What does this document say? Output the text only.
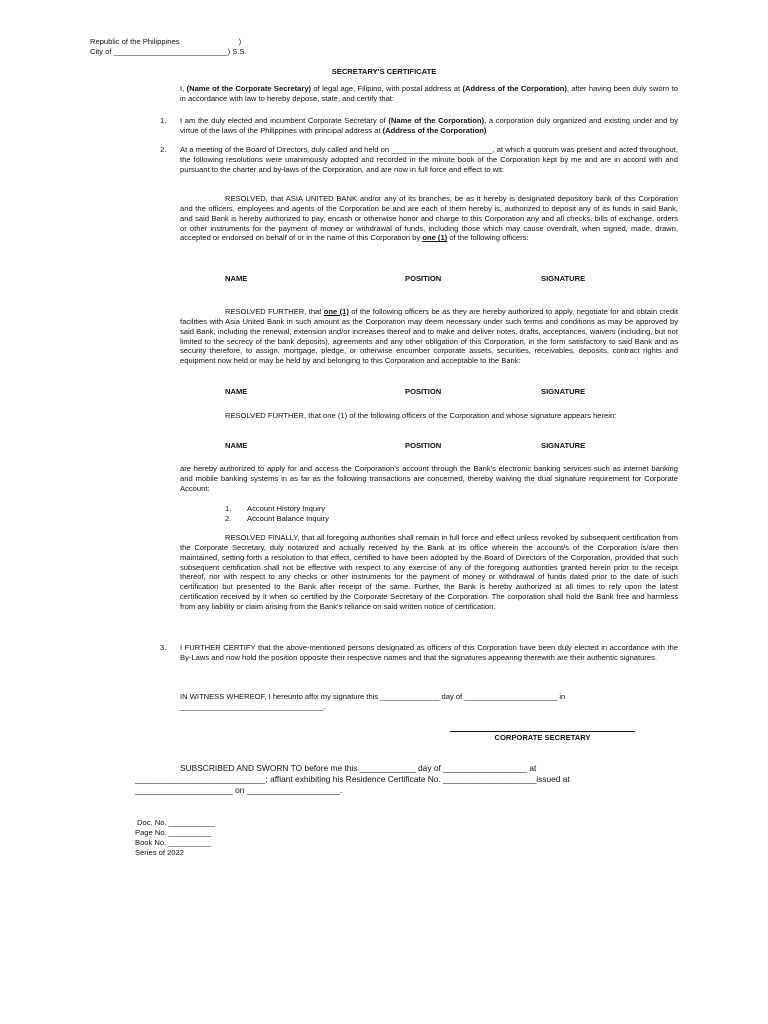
Republic of the Philippines                            )
City of ___________________________) S.S.
SECRETARY'S CERTIFICATE
I, (Name of the Corporate Secretary) of legal age, Filipino, with postal address at (Address of the Corporation), after having been duly sworn to in accordance with law to hereby depose, state, and certify that:
1. I am the duly elected and incumbent Corporate Secretary of (Name of the Corporation), a corporation duly organized and existing under and by virtue of the laws of the Philippines with principal address at (Address of the Corporation)
2. At a meeting of the Board of Directors, duly called and held on ________________________, at which a quorum was present and acted throughout, the following resolutions were unanimously adopted and recorded in the minute book of the Corporation kept by me and are in accord with and pursuant to the charter and by-laws of the Corporation, and are now in full force and effect to wit:
RESOLVED, that ASIA UNITED BANK and/or any of its branches, be as it hereby is designated depository bank of this Corporation and the officers, employees and agents of the Corporation be and are each of them hereby is, authorized to deposit any of its funds in said Bank, and said Bank is hereby authorized to pay, encash or otherwise honor and charge to this Corporation any and all checks, bills of exchange, orders or other instruments for the payment of money or withdrawal of funds, including those which may cause overdraft, when signed, made, drawn, accepted or endorsed on behalf of or in the name of this Corporation by one (1) of the following officers:
NAME	POSITION	SIGNATURE
RESOLVED FURTHER, that one (1) of the following officers be as they are hereby authorized to apply, negotiate for and obtain credit facilities with Asia United Bank in such amount as the Corporation may deem necessary under such terms and conditions as may be approved by said Bank, including the renewal, extension and/or increases thereof and to make and deliver notes, drafts, acceptances, waivers (including, but not limited to the secrecy of the bank deposits), agreements and any other obligation of this Corporation, in the form satisfactory to said Bank and as security therefore, to assign, mortgage, pledge, or otherwise encumber corporate assets, securities, receivables, deposits, contract rights and equipment now held or may be held by and belonging to this Corporation and acceptable to the Bank:
NAME	POSITION	SIGNATURE
RESOLVED FURTHER, that one (1) of the following officers of the Corporation and whose signature appears herein:
NAME	POSITION	SIGNATURE
are hereby authorized to apply for and access the Corporation's account through the Bank's electronic banking services such as internet banking and mobile banking systems in as far as the following transactions are concerned, thereby waiving the dual signature requirement for Corporate Account:
1. Account History Inquiry
2. Account Balance Inquiry
RESOLVED FINALLY, that all foregoing authorities shall remain in full force and effect unless revoked by subsequent certification from the Corporate Secretary, duly notarized and actually received by the Bank at its office wherein the account/s of the Corporation is/are then maintained, setting forth a resolution to that effect, certified to have been adopted by the Board of Directors of the Corporation, provided that such subsequent certification shall not be effective with respect to any exercise of any of the foregoing authorities granted herein prior to the receipt thereof, nor with respect to any checks or other instruments for the payment of money or withdrawal of funds dated prior to the date of such certification but presented to the Bank after receipt of the same. Further, the Bank is hereby authorized at all times to rely upon the latest certification received by it when so certified by the Corporate Secretary of the Corporation. The corporation shall hold the Bank free and harmless from any liability or claim arising from the Bank's reliance on said written notice of certification.
3. I FURTHER CERTIFY that the above-mentioned persons designated as officers of this Corporation have been duly elected in accordance with the By-Laws and now hold the position opposite their respective names and that the signatures appearing therewith are their authentic signatures.
IN WITNESS WHEREOF, I hereunto affix my signature this ______________ day of ______________________ in
__________________________________.
CORPORATE SECRETARY
SUBSCRIBED AND SWORN TO before me this ____________ day of __________________ at
____________________________; affiant exhibiting his Residence Certificate No. ____________________issued at
_____________________ on ____________________.
Doc. No. ___________
Page No. __________
Book No. __________
Series of 2022
